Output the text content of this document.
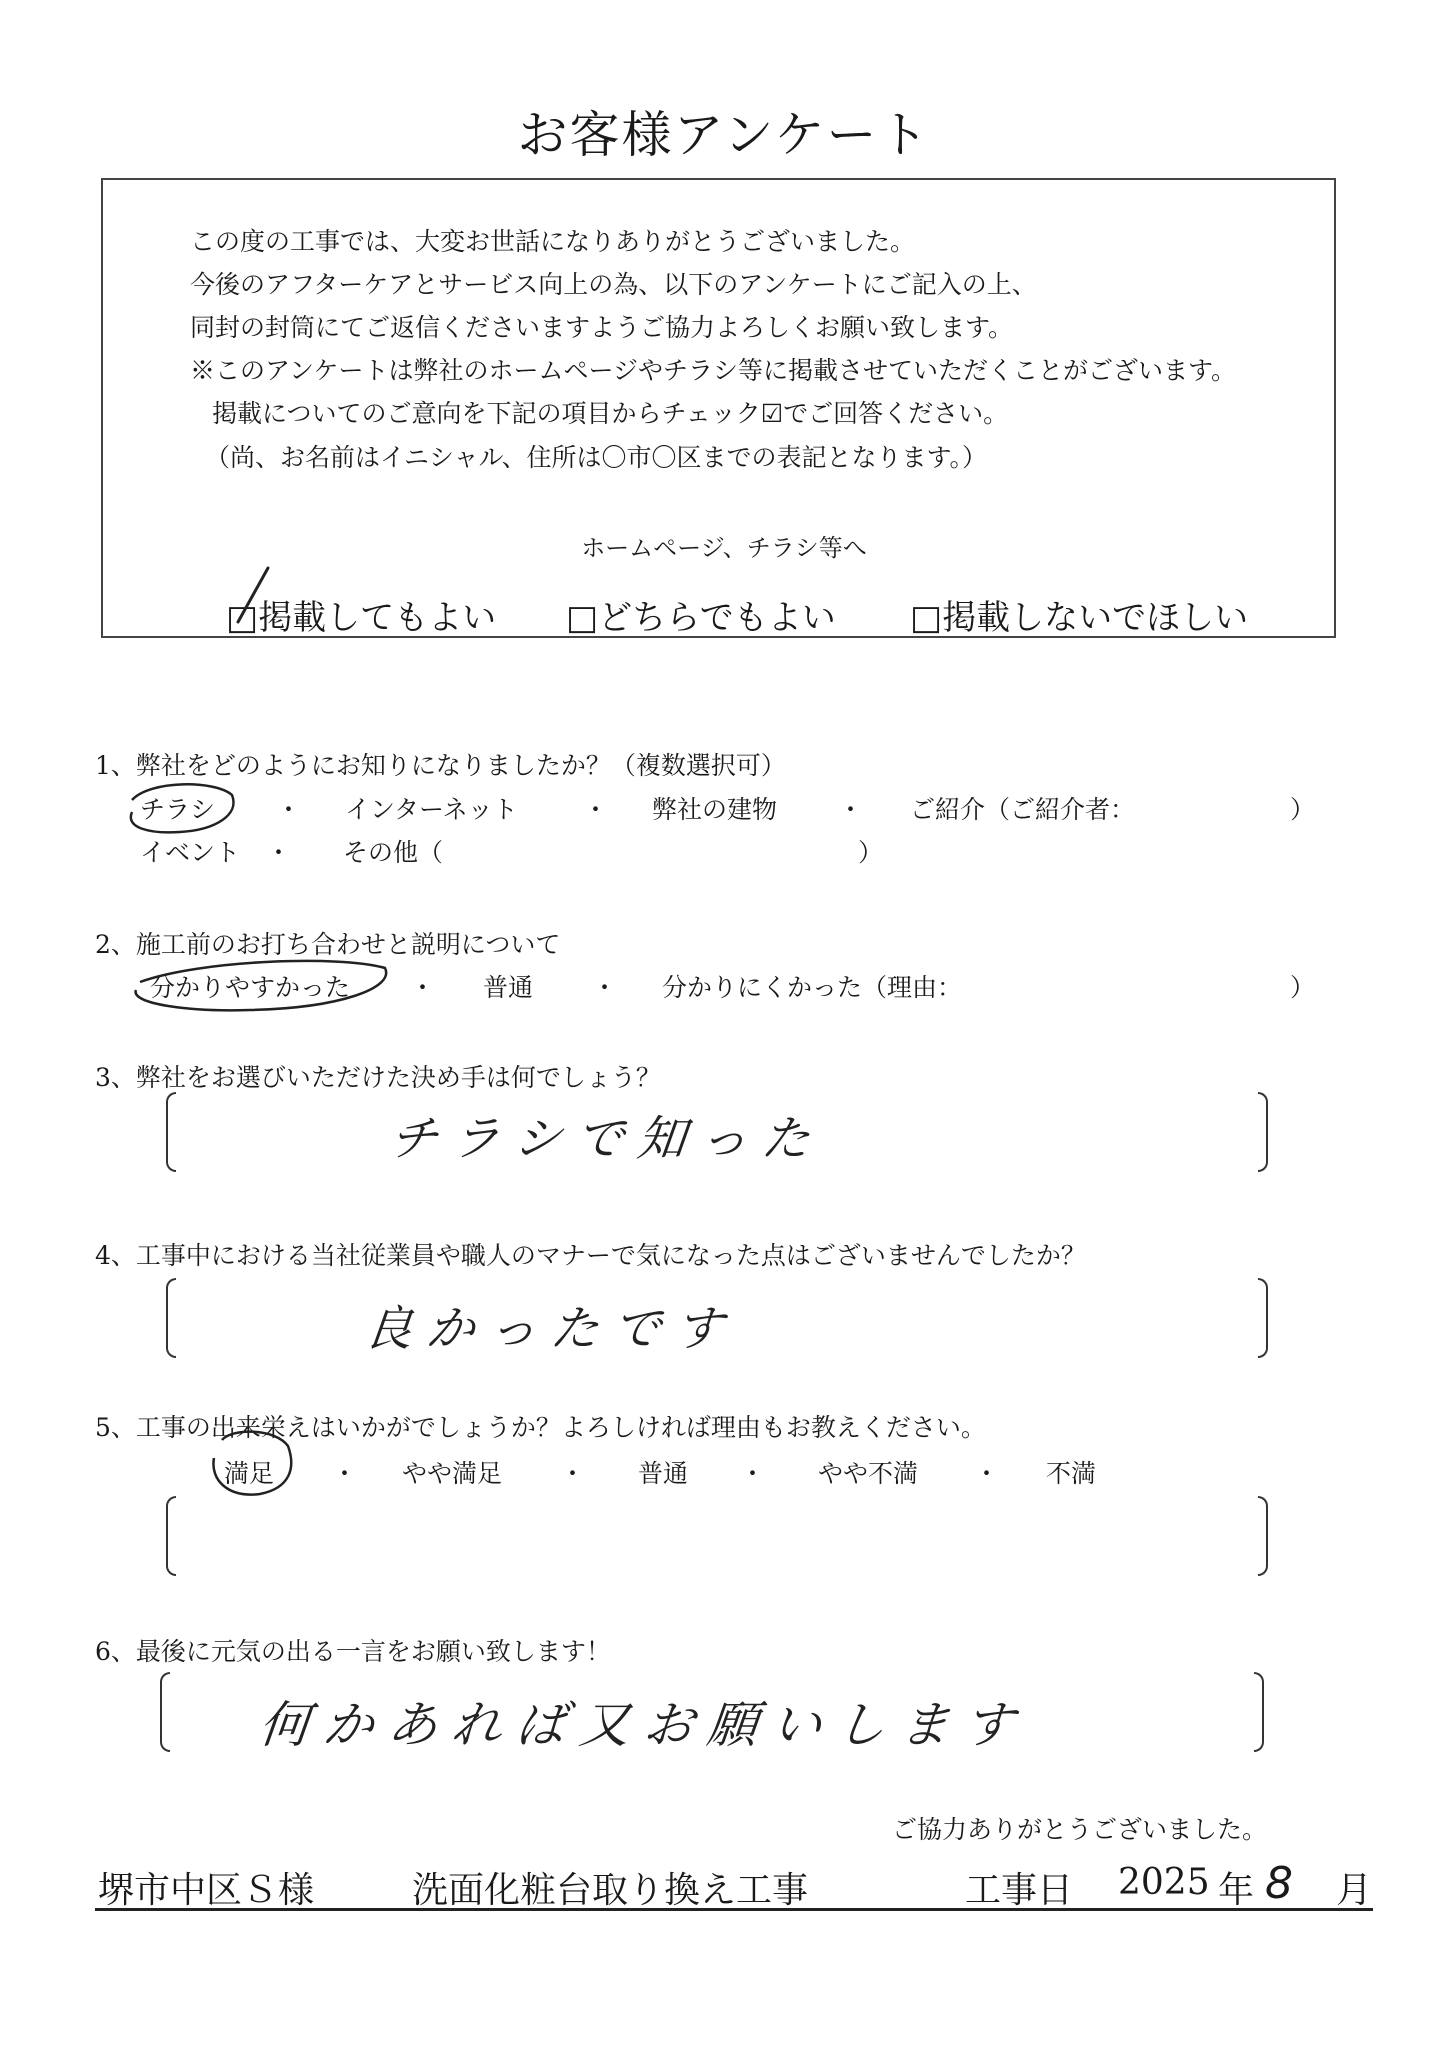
お客様アンケート
この度の工事では、大変お世話になりありがとうございました。
今後のアフターケアとサービス向上の為、以下のアンケートにご記入の上、
同封の封筒にてご返信くださいますようご協力よろしくお願い致します。
※このアンケートは弊社のホームページやチラシ等に掲載させていただくことがございます。
掲載についてのご意向を下記の項目からチェック☑でご回答ください。
（尚、お名前はイニシャル、住所は〇市〇区までの表記となります。）
ホームページ、チラシ等へ
□掲載してもよい □どちらでもよい □掲載しないでほしい
1、弊社をどのようにお知りになりましたか？（複数選択可）
チラシ ・ インターネット	・ 弊社の建物 ・ ご紹介（ご紹介者：	）
イベント ・ その他（	）
2、施工前のお打ち合わせと説明について
分かりやすかった ・ 普通 ・ 分かりにくかった（理由：	）
3、弊社をお選びいただけた決め手は何でしょう？
チラシで知った
4、工事中における当社従業員や職人のマナーで気になった点はございませんでしたか？
良かったです
5、工事の出来栄えはいかがでしょうか？よろしければ理由もお教えください。
満足 ・ やや満足 ・ 普通 ・ やや不満 ・ 不満
6、最後に元気の出る一言をお願い致します！
何かあれば又お願いします
ご協力ありがとうございました。
堺市中区Ｓ様	洗面化粧台取り換え工事	工事日 2025 年 8 月
